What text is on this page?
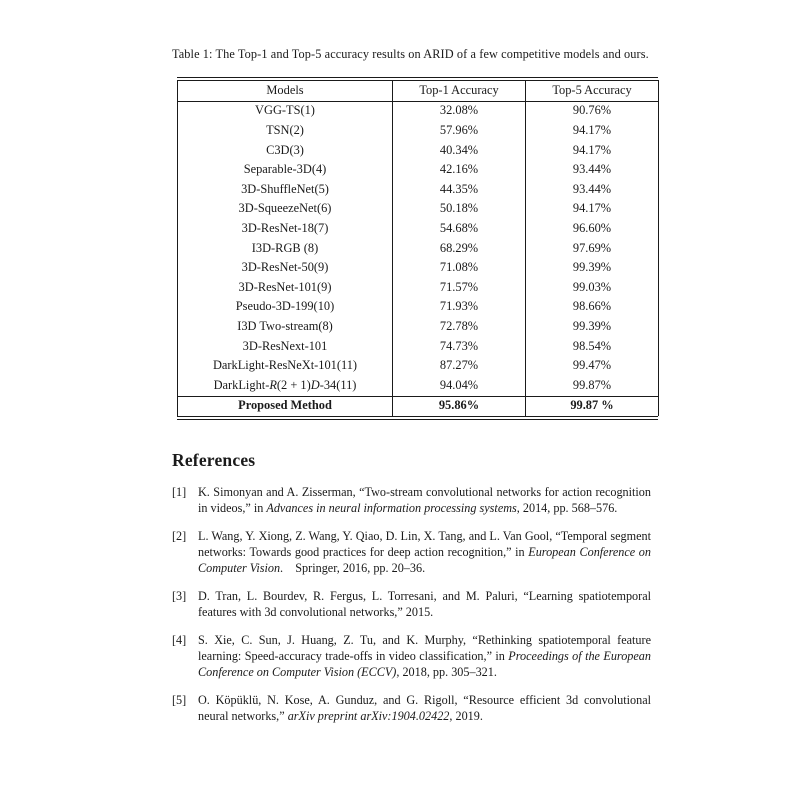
Table 1: The Top-1 and Top-5 accuracy results on ARID of a few competitive models and ours.

Models	Top-1 Accuracy	Top-5 Accuracy
VGG-TS(1)	32.08%	90.76%
TSN(2)	57.96%	94.17%
C3D(3)	40.34%	94.17%
Separable-3D(4)	42.16%	93.44%
3D-ShuffleNet(5)	44.35%	93.44%
3D-SqueezeNet(6)	50.18%	94.17%
3D-ResNet-18(7)	54.68%	96.60%
I3D-RGB (8)	68.29%	97.69%
3D-ResNet-50(9)	71.08%	99.39%
3D-ResNet-101(9)	71.57%	99.03%
Pseudo-3D-199(10)	71.93%	98.66%
I3D Two-stream(8)	72.78%	99.39%
3D-ResNext-101	74.73%	98.54%
DarkLight-ResNeXt-101(11)	87.27%	99.47%
DarkLight-R(2 + 1)D-34(11)	94.04%	99.87%
Proposed Method	95.86%	99.87 %
References
[1] K. Simonyan and A. Zisserman, “Two-stream convolutional networks for action recognition in videos,” in Advances in neural information processing systems, 2014, pp. 568–576.
[2] L. Wang, Y. Xiong, Z. Wang, Y. Qiao, D. Lin, X. Tang, and L. Van Gool, “Temporal segment networks: Towards good practices for deep action recognition,” in European Conference on Computer Vision. Springer, 2016, pp. 20–36.
[3] D. Tran, L. Bourdev, R. Fergus, L. Torresani, and M. Paluri, “Learning spatiotemporal features with 3d convolutional networks,” 2015.
[4] S. Xie, C. Sun, J. Huang, Z. Tu, and K. Murphy, “Rethinking spatiotemporal feature learning: Speed-accuracy trade-offs in video classification,” in Proceedings of the European Conference on Computer Vision (ECCV), 2018, pp. 305–321.
[5] O. Köpüklü, N. Kose, A. Gunduz, and G. Rigoll, “Resource efficient 3d convolutional neural networks,” arXiv preprint arXiv:1904.02422, 2019.
